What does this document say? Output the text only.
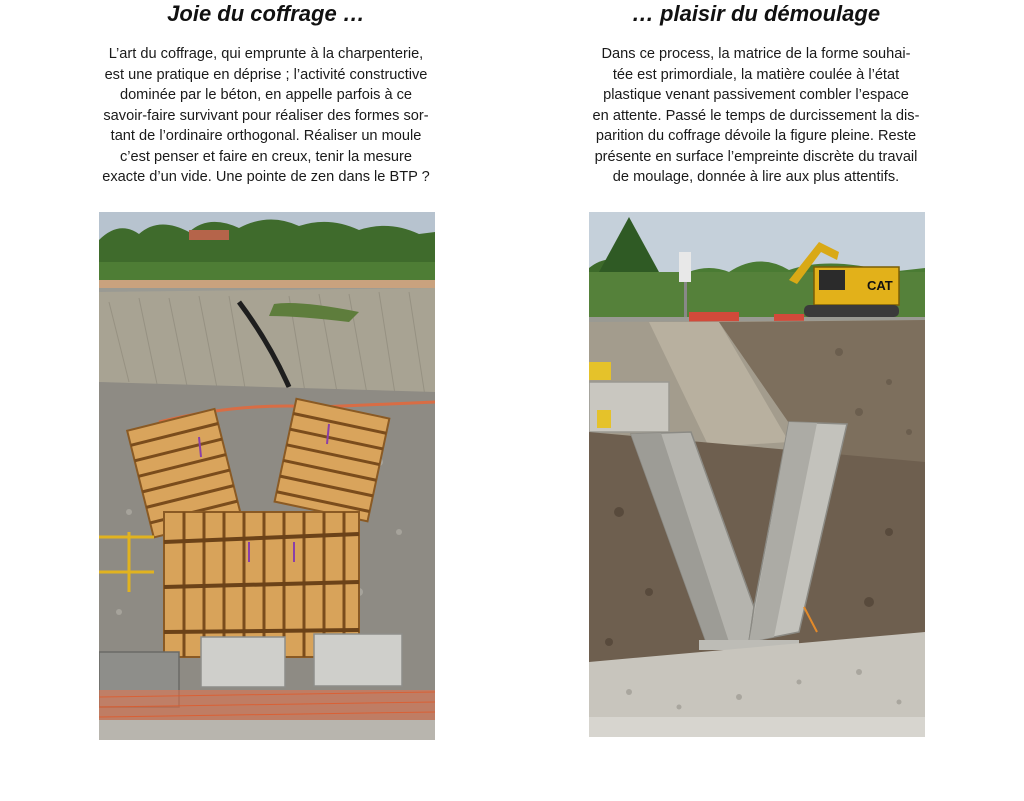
Joie du coffrage …
L’art du coffrage, qui emprunte à la charpenterie,
est une pratique en déprise ; l’activité constructive
dominée par le béton, en appelle parfois à ce
savoir-faire survivant pour réaliser des formes sor-
tant de l’ordinaire orthogonal. Réaliser un moule
c’est penser et faire en creux, tenir la mesure
exacte d’un vide. Une pointe de zen dans le BTP ?
… plaisir du démoulage
Dans ce process, la matrice de la forme souhai-
tée est primordiale, la matière coulée à l’état
plastique venant passivement combler l’espace
en attente. Passé le temps de durcissement la dis-
parition du coffrage dévoile la figure pleine. Reste
présente en surface l’empreinte discrète du travail
de moulage, donnée à lire aux plus attentifs.
CAT
